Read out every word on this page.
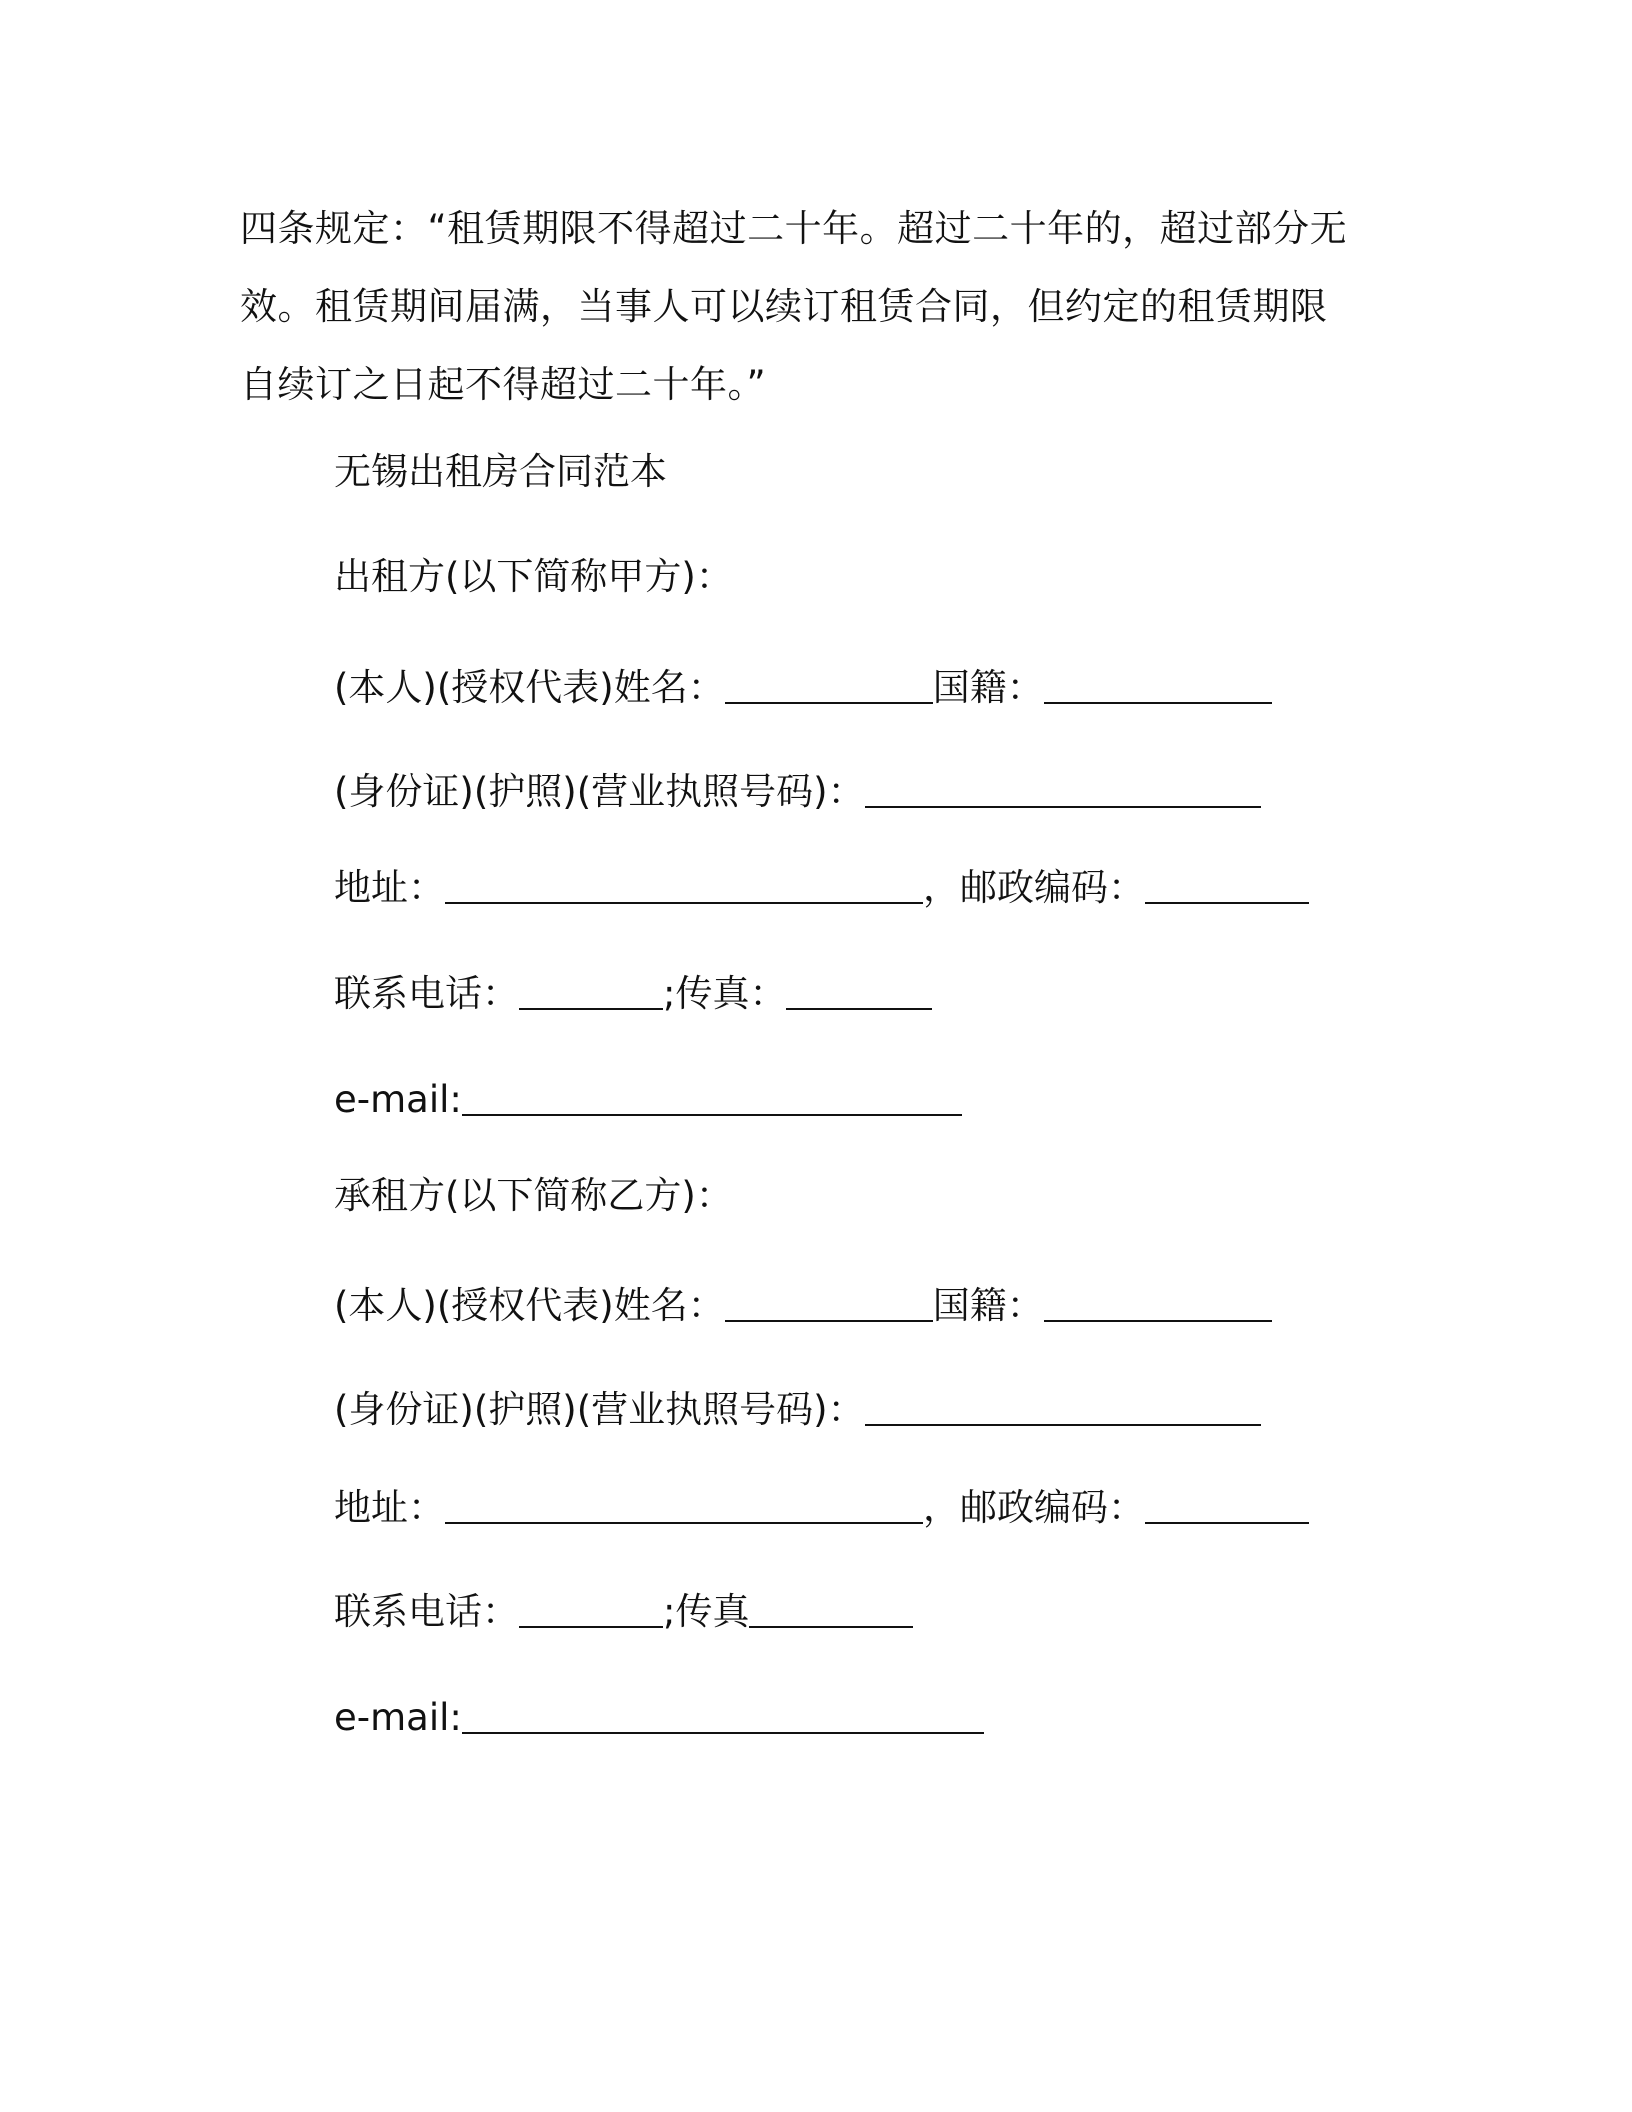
四条规定：“租赁期限不得超过二十年。超过二十年的，超过部分无效。租赁期间届满，当事人可以续订租赁合同，但约定的租赁期限自续订之日起不得超过二十年。”

无锡出租房合同范本

出租方(以下简称甲方)：

(本人)(授权代表)姓名：	国籍：

(身份证)(护照)(营业执照号码)：

地址：	，邮政编码：

联系电话：	;传真：

e-mail:

承租方(以下简称乙方)：

(本人)(授权代表)姓名：	国籍：

(身份证)(护照)(营业执照号码)：

地址：	，邮政编码：

联系电话：	;传真

e-mail:
